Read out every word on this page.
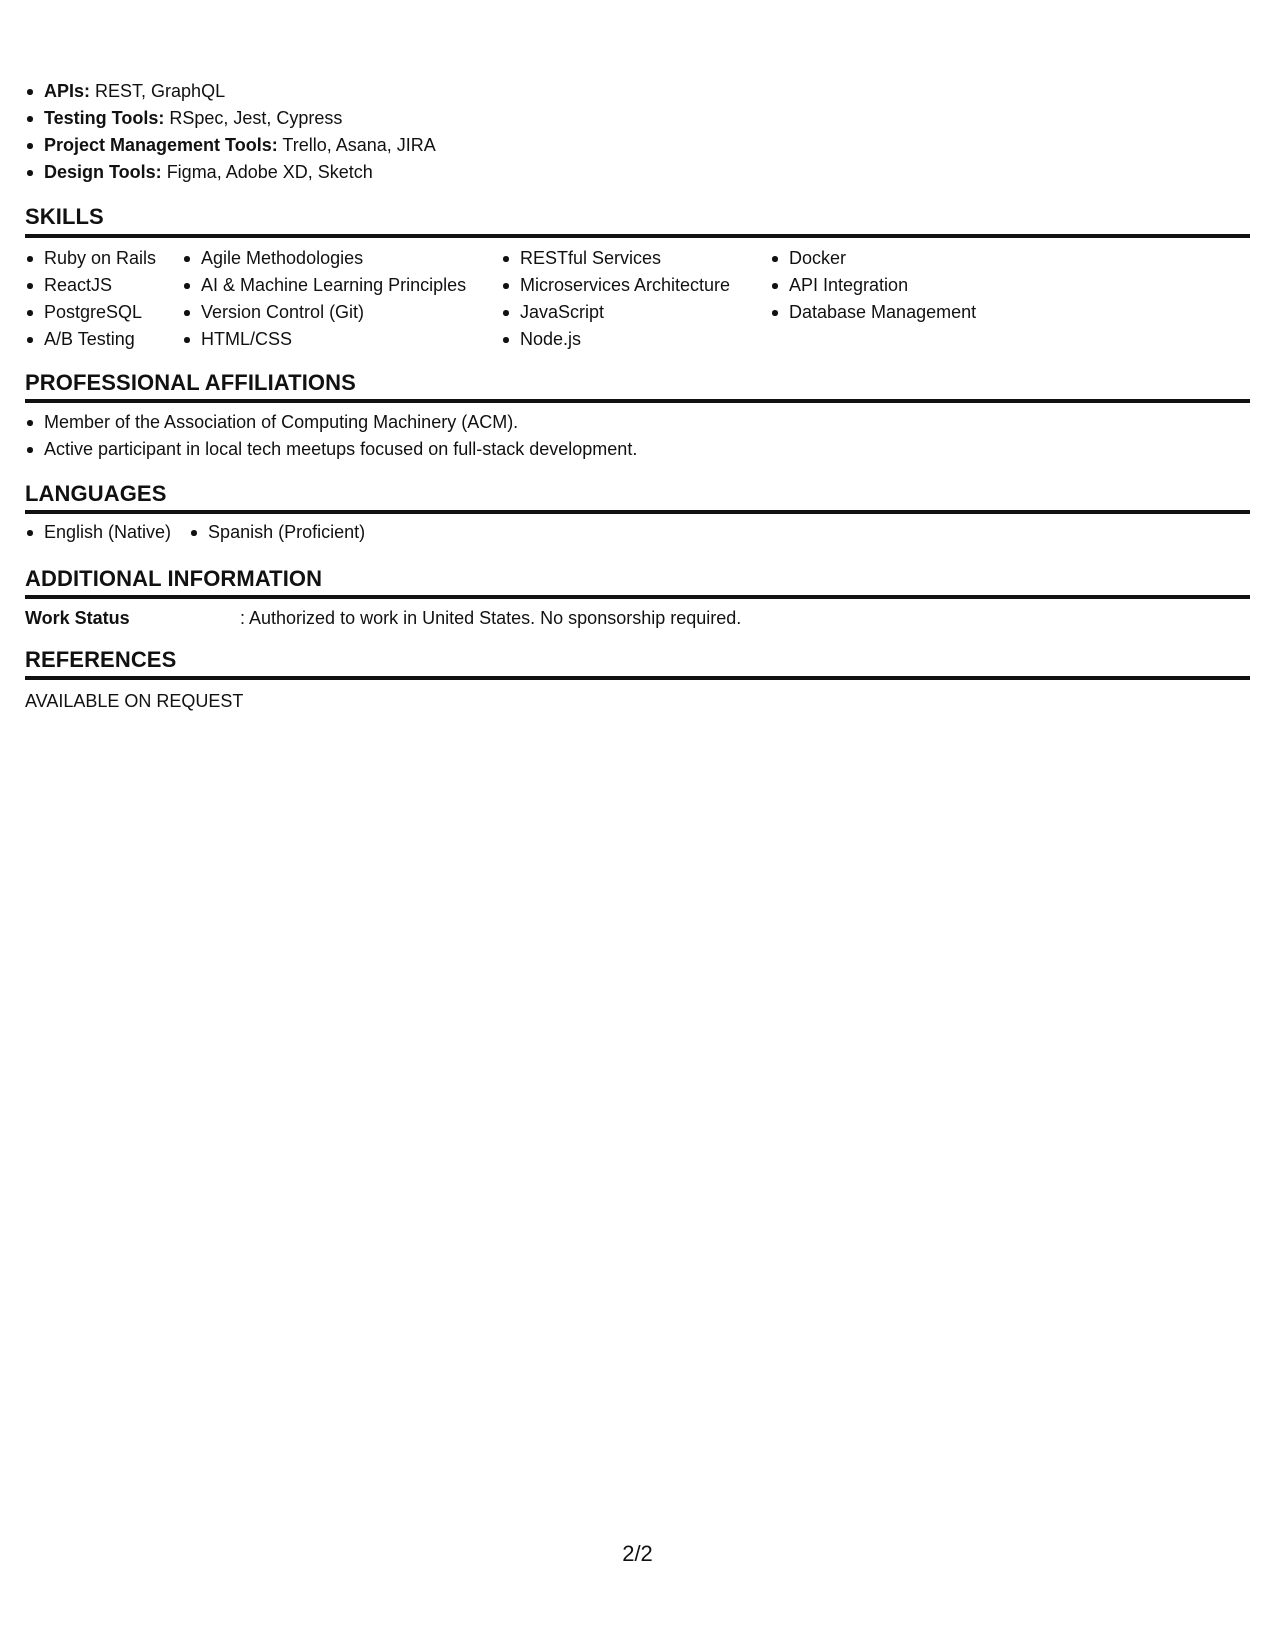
APIs: REST, GraphQL
Testing Tools: RSpec, Jest, Cypress
Project Management Tools: Trello, Asana, JIRA
Design Tools: Figma, Adobe XD, Sketch
SKILLS
Ruby on Rails
ReactJS
PostgreSQL
A/B Testing
Agile Methodologies
AI & Machine Learning Principles
Version Control (Git)
HTML/CSS
RESTful Services
Microservices Architecture
JavaScript
Node.js
Docker
API Integration
Database Management
PROFESSIONAL AFFILIATIONS
Member of the Association of Computing Machinery (ACM).
Active participant in local tech meetups focused on full-stack development.
LANGUAGES
English (Native)	Spanish (Proficient)
ADDITIONAL INFORMATION
Work Status	: Authorized to work in United States. No sponsorship required.
REFERENCES
AVAILABLE ON REQUEST
2/2
